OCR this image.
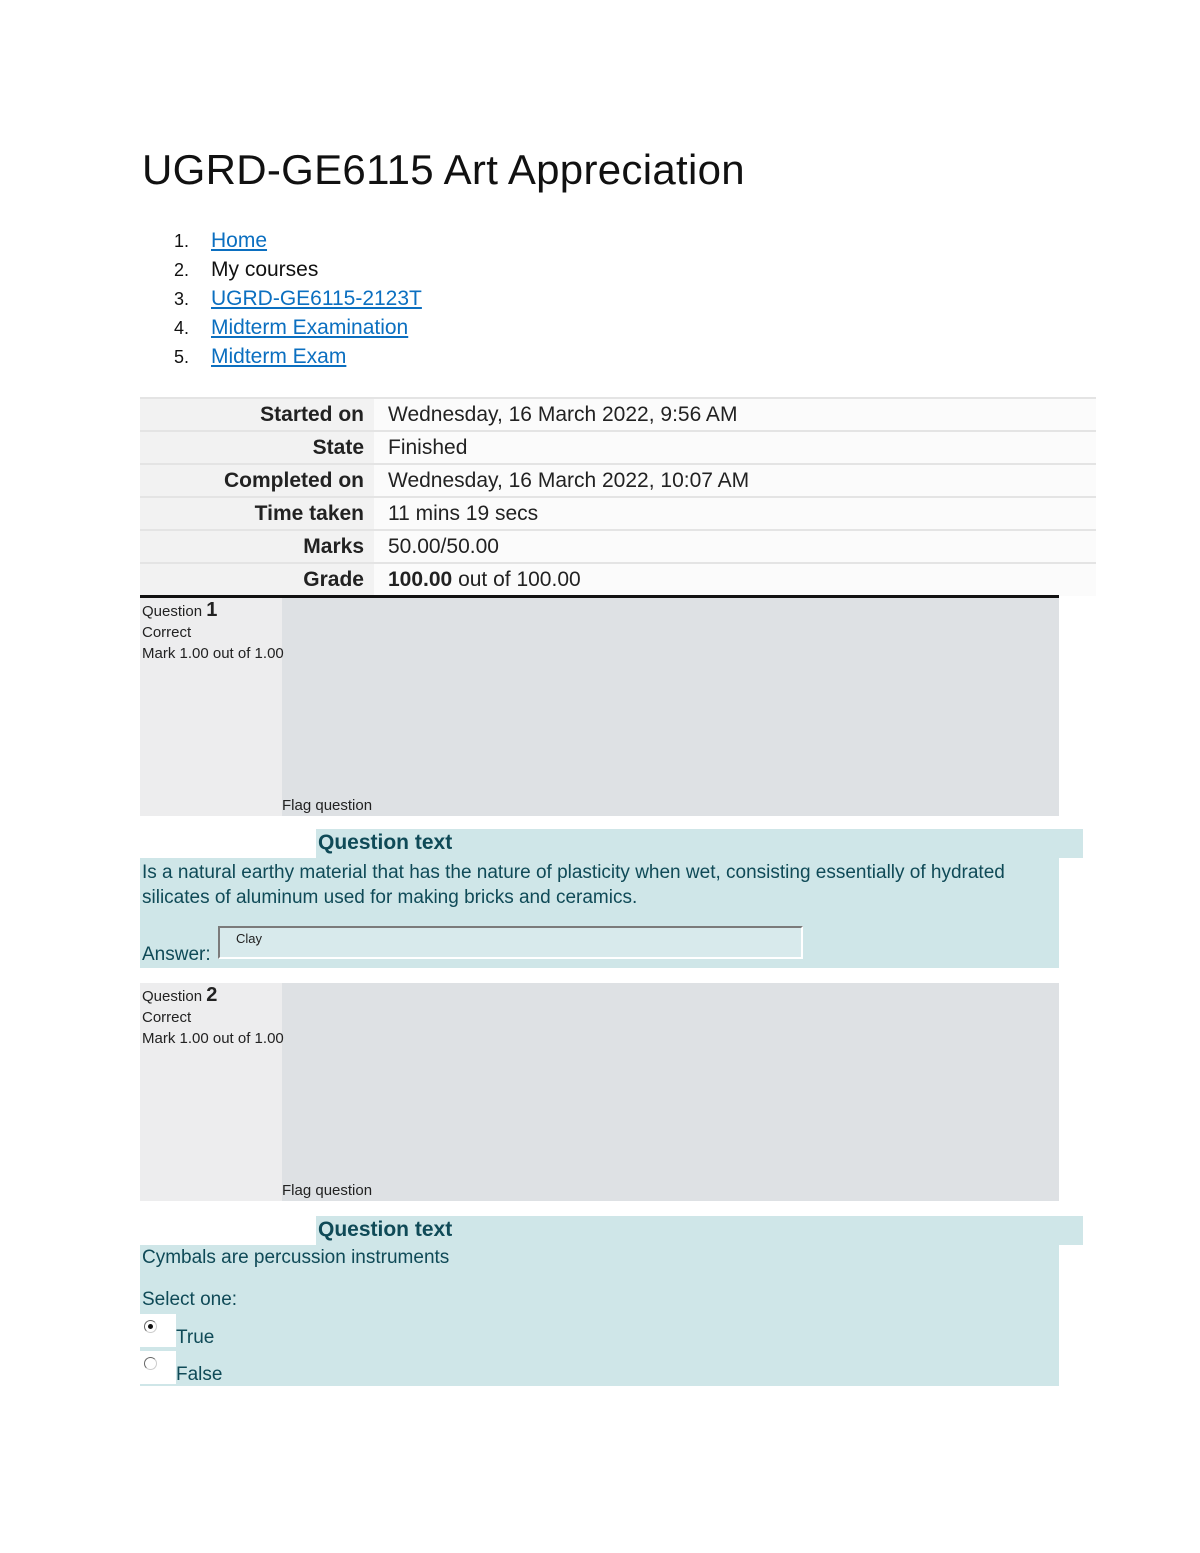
UGRD-GE6115 Art Appreciation
1. Home
2. My courses
3. UGRD-GE6115-2123T
4. Midterm Examination
5. Midterm Exam
Started on	Wednesday, 16 March 2022, 9:56 AM
State	Finished
Completed on	Wednesday, 16 March 2022, 10:07 AM
Time taken	11 mins 19 secs
Marks	50.00/50.00
Grade	100.00 out of 100.00
Question 1
Correct
Mark 1.00 out of 1.00
Flag question
Question text

Is a natural earthy material that has the nature of plasticity when wet, consisting essentially of hydrated silicates of aluminum used for making bricks and ceramics.

Answer:
Clay
Question 2
Correct
Mark 1.00 out of 1.00
Flag question
Question text

Cymbals are percussion instruments

Select one:

True
False
